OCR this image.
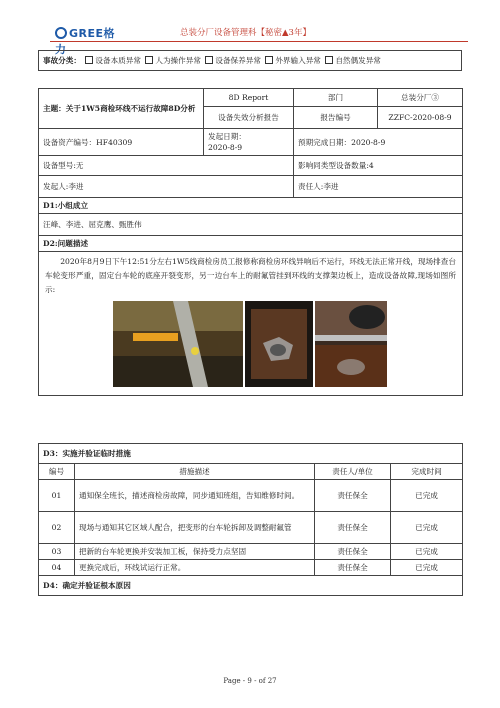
GREE格力
总装分厂设备管理科【秘密▲3年】
事故分类： 设备本质异常 人为操作异常 设备保养异常 外界输入异常 自然偶发异常
主题：关于1W5商检环线不运行故障8D分析	8D Report	部门	总装分厂③
	设备失效分析报告	报告编号	ZZFC-2020-08-9
设备资产编号：HF40309	发起日期：
2020-8-9	预期完成日期：2020-8-9	
设备型号:无		影响同类型设备数量:4	
发起人:李进		责任人:李进	
D1:小组成立			
汪峰、李进、屈克鹰、甄胜伟			
D2:问题描述			

2020年8月9日下午12:51分左右1W5线商检房员工报修称商检房环线异响后不运行，环线无法正常开线，现场排查台车轮变形严重，固定台车轮的底座开裂变形，另一边台车上的耐氟管挂到环线的支撑架边板上，造成设备故障,现场如图所示:			
D3：实施并验证临时措施			
编号	措施描述	责任人/单位	完成时间
01	通知保全班长，描述商检房故障，同步通知班组，告知维修时间。	责任保全	已完成
02	现场与通知其它区域人配合，把变形的台车轮拆卸及调整耐氟管	责任保全	已完成
03	把新的台车轮更换并安装加工板，保持受力点坚固	责任保全	已完成
04	更换完成后，环线试运行正常。	责任保全	已完成
D4：确定并验证根本原因			
Page - 9 - of 27
